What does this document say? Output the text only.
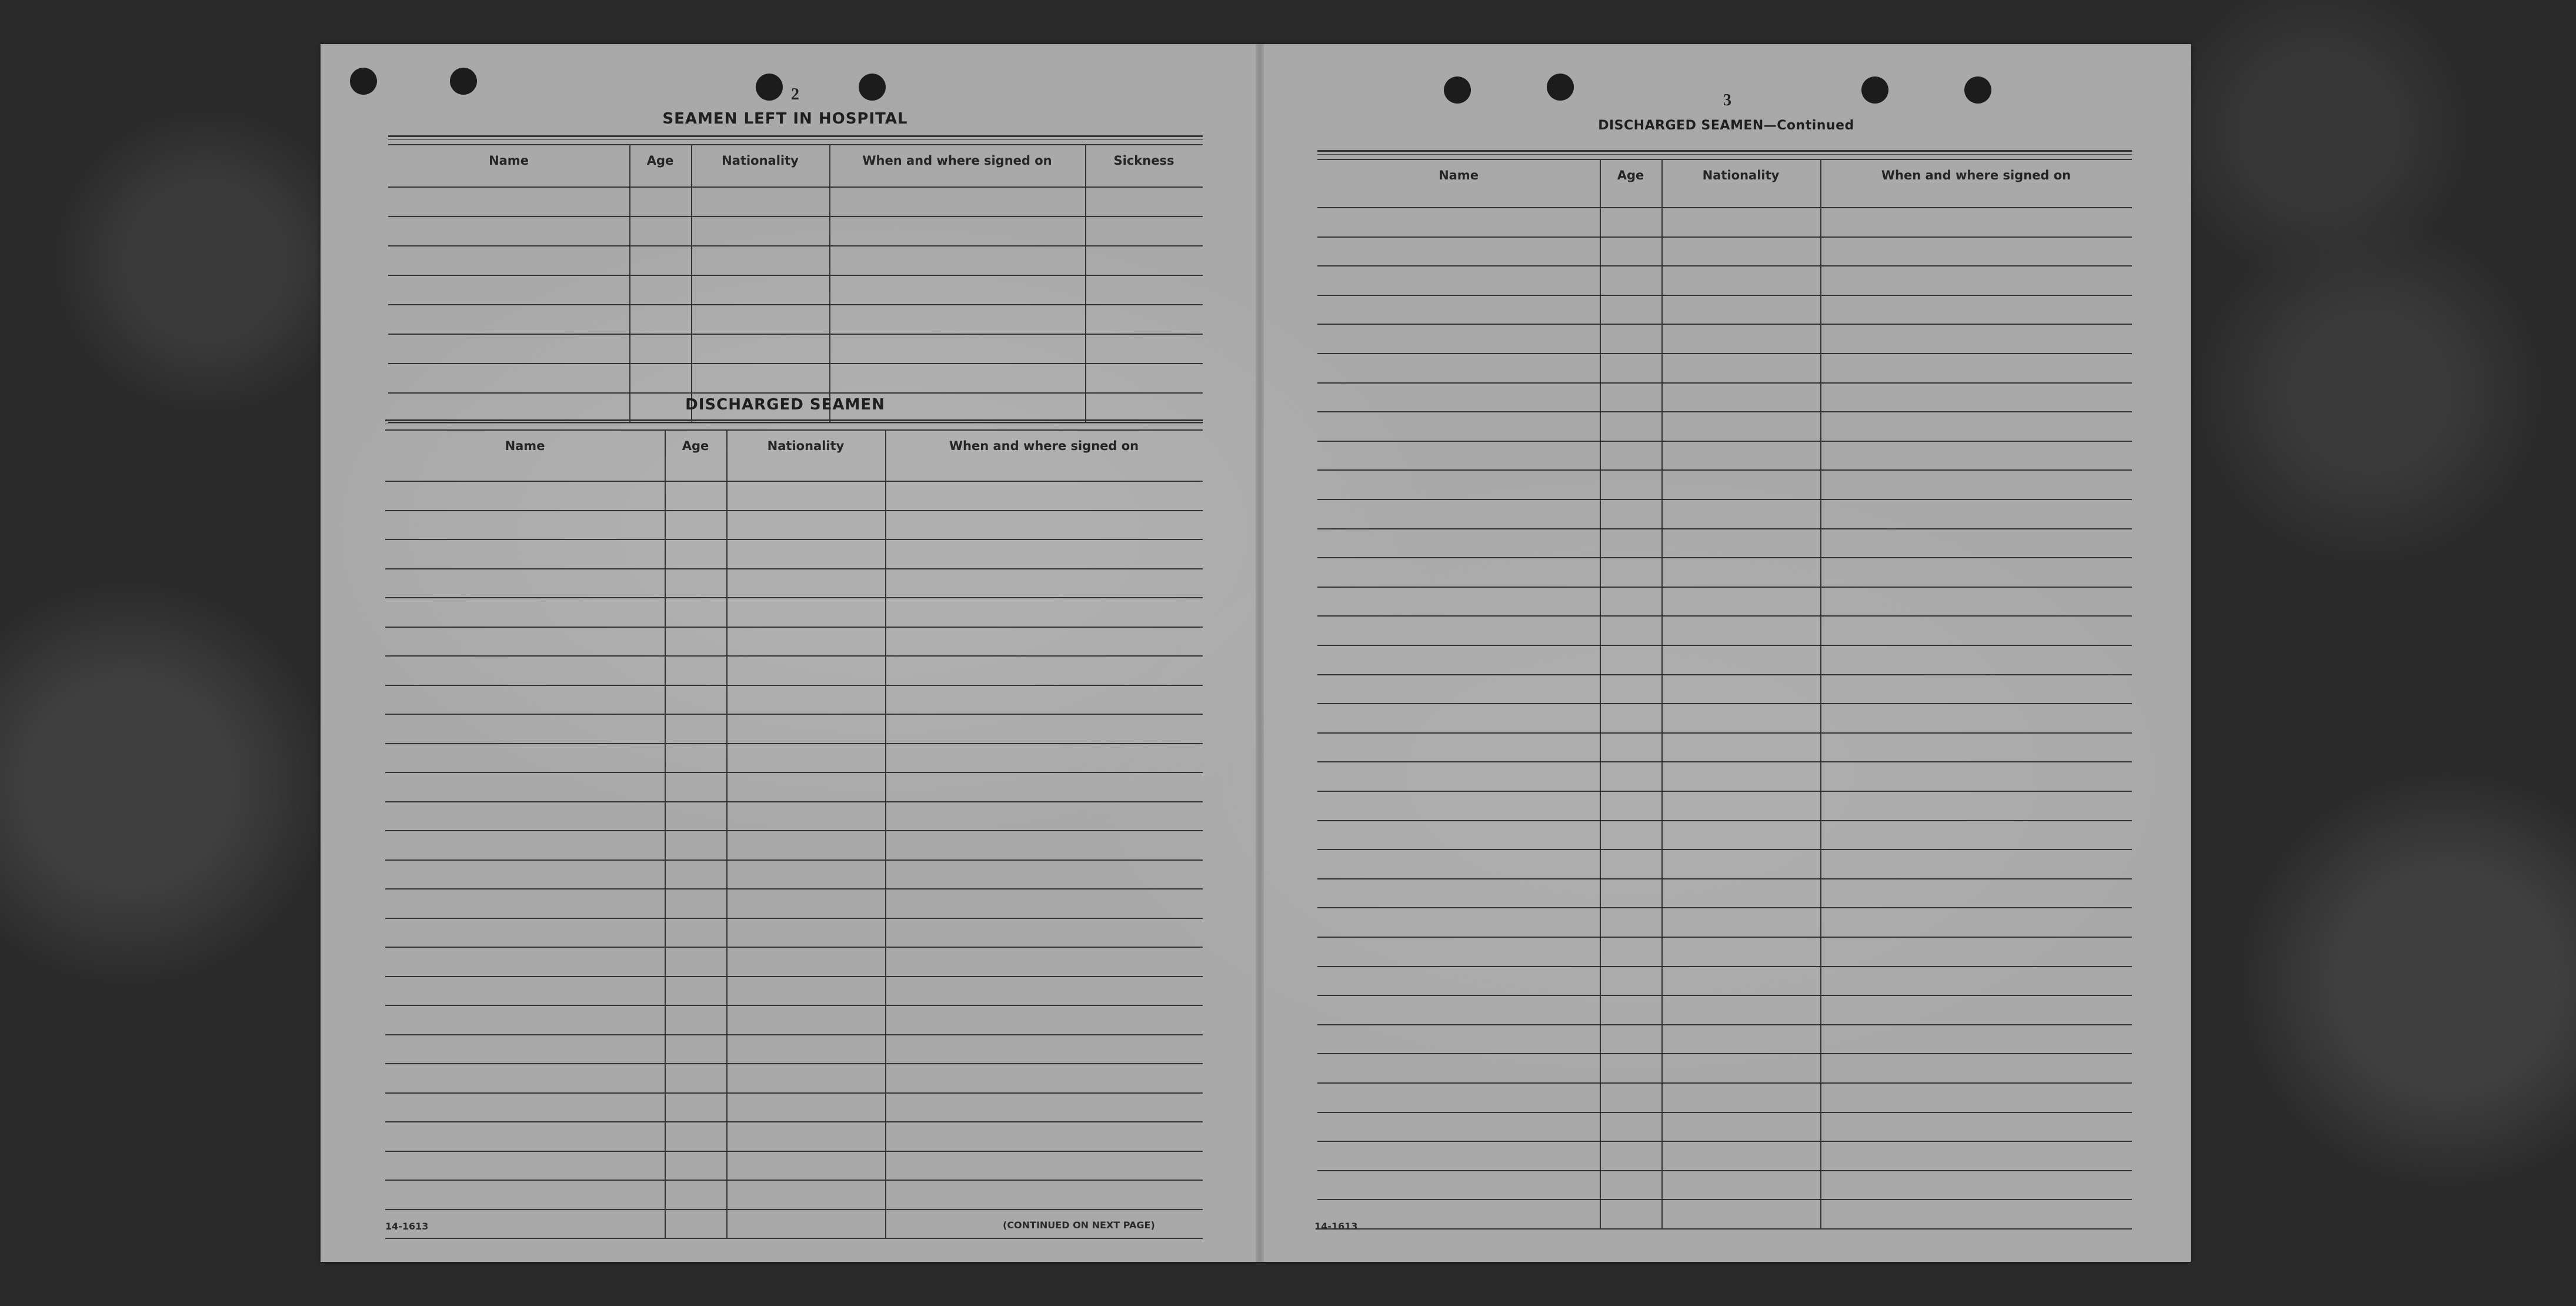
2
SEAMEN LEFT IN HOSPITAL
Name	Age	Nationality	When and where signed on	Sickness
DISCHARGED SEAMEN
Name	Age	Nationality	When and where signed on
14-1613	(CONTINUED ON NEXT PAGE)
3
DISCHARGED SEAMEN—Continued
Name	Age	Nationality	When and where signed on
14-1613
